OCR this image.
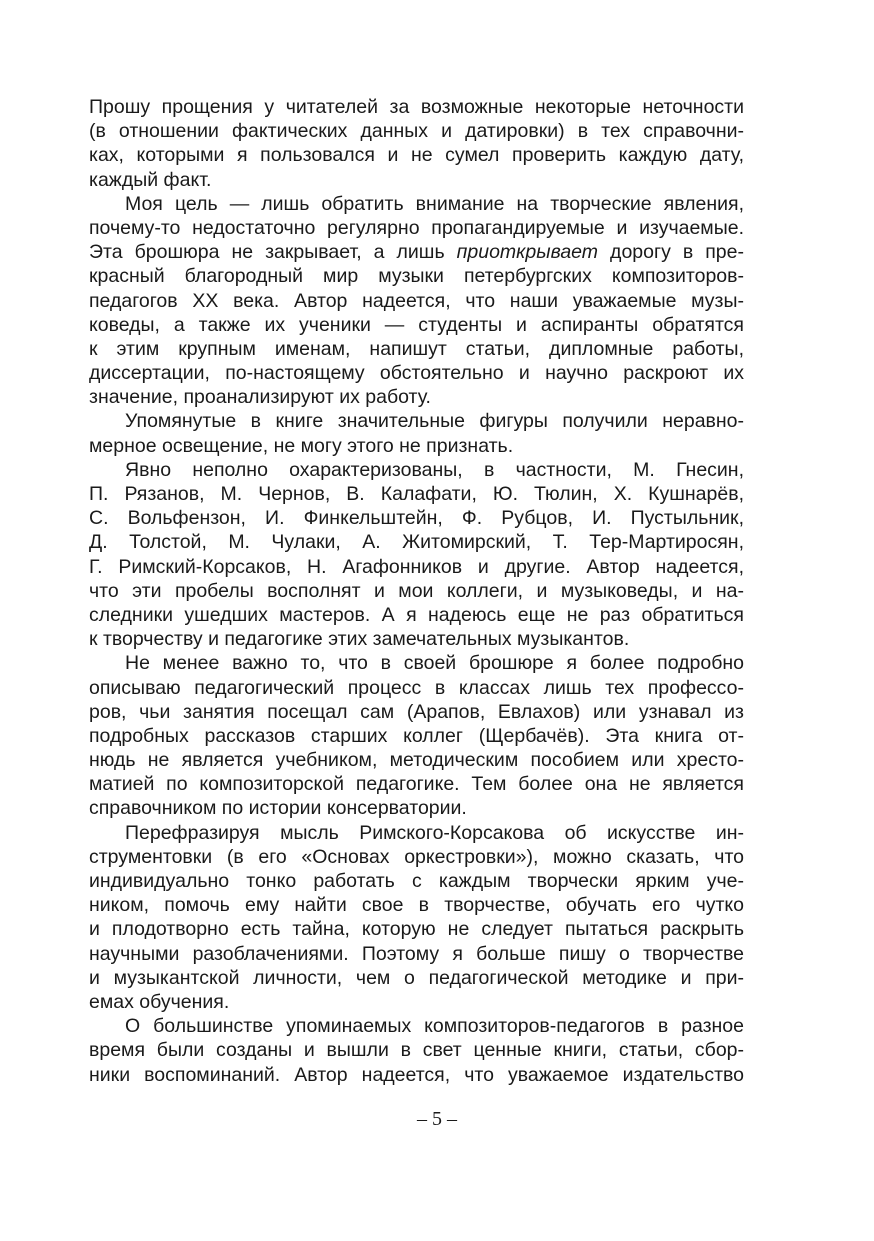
Прошу прощения у читателей за возможные некоторые неточности
(в отношении фактических данных и датировки) в тех справочни-
ках, которыми я пользовался и не сумел проверить каждую дату,
каждый факт.
Моя цель — лишь обратить внимание на творческие явления,
почему-то недостаточно регулярно пропагандируемые и изучаемые.
Эта брошюра не закрывает, а лишь приоткрывает дорогу в пре-
красный благородный мир музыки петербургских композиторов-
педагогов XX века. Автор надеется, что наши уважаемые музы-
коведы, а также их ученики — студенты и аспиранты обратятся
к этим крупным именам, напишут статьи, дипломные работы,
диссертации, по-настоящему обстоятельно и научно раскроют их
значение, проанализируют их работу.
Упомянутые в книге значительные фигуры получили неравно-
мерное освещение, не могу этого не признать.
Явно неполно охарактеризованы, в частности, М. Гнесин,
П. Рязанов, М. Чернов, В. Калафати, Ю. Тюлин, Х. Кушнарёв,
С. Вольфензон, И. Финкельштейн, Ф. Рубцов, И. Пустыльник,
Д. Толстой, М. Чулаки, А. Житомирский, Т. Тер-Мартиросян,
Г. Римский-Корсаков, Н. Агафонников и другие. Автор надеется,
что эти пробелы восполнят и мои коллеги, и музыковеды, и на-
следники ушедших мастеров. А я надеюсь еще не раз обратиться
к творчеству и педагогике этих замечательных музыкантов.
Не менее важно то, что в своей брошюре я более подробно
описываю педагогический процесс в классах лишь тех профессо-
ров, чьи занятия посещал сам (Арапов, Евлахов) или узнавал из
подробных рассказов старших коллег (Щербачёв). Эта книга от-
нюдь не является учебником, методическим пособием или хресто-
матией по композиторской педагогике. Тем более она не является
справочником по истории консерватории.
Перефразируя мысль Римского-Корсакова об искусстве ин-
струментовки (в его «Основах оркестровки»), можно сказать, что
индивидуально тонко работать с каждым творчески ярким уче-
ником, помочь ему найти свое в творчестве, обучать его чутко
и плодотворно есть тайна, которую не следует пытаться раскрыть
научными разоблачениями. Поэтому я больше пишу о творчестве
и музыкантской личности, чем о педагогической методике и при-
емах обучения.
О большинстве упоминаемых композиторов-педагогов в разное
время были созданы и вышли в свет ценные книги, статьи, сбор-
ники воспоминаний. Автор надеется, что уважаемое издательство
– 5 –
